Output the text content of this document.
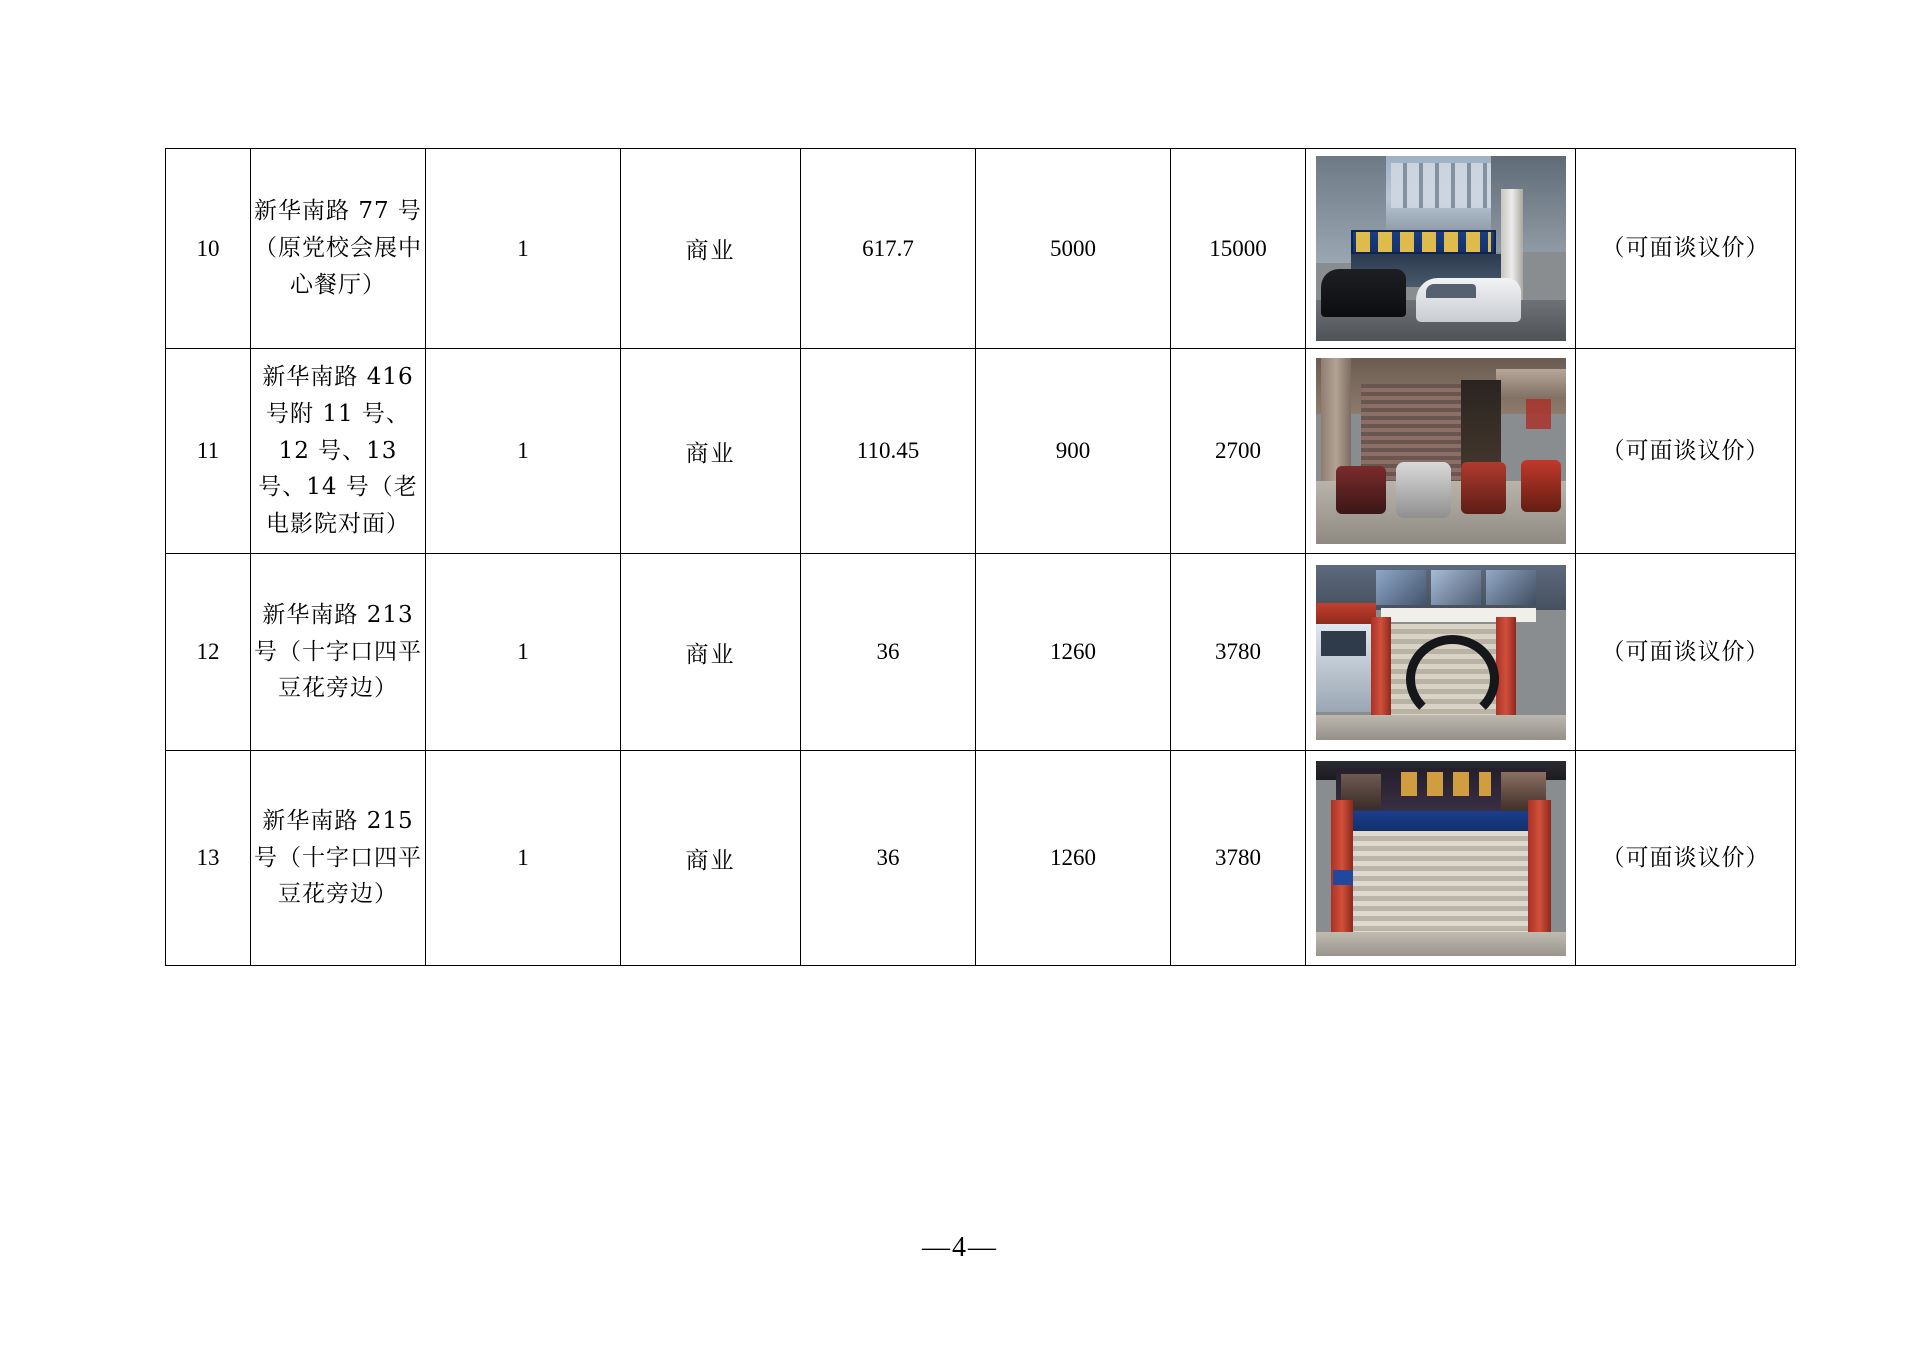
10	新华南路 77 号（原党校会展中心餐厅）	1	商业	617.7	5000	15000		（可面谈议价）
11	新华南路 416 号附 11 号、12 号、13 号、14 号（老电影院对面）	1	商业	110.45	900	2700		（可面谈议价）
12	新华南路 213 号（十字口四平豆花旁边）	1	商业	36	1260	3780		（可面谈议价）
13	新华南路 215 号（十字口四平豆花旁边）	1	商业	36	1260	3780		（可面谈议价）
—4—
